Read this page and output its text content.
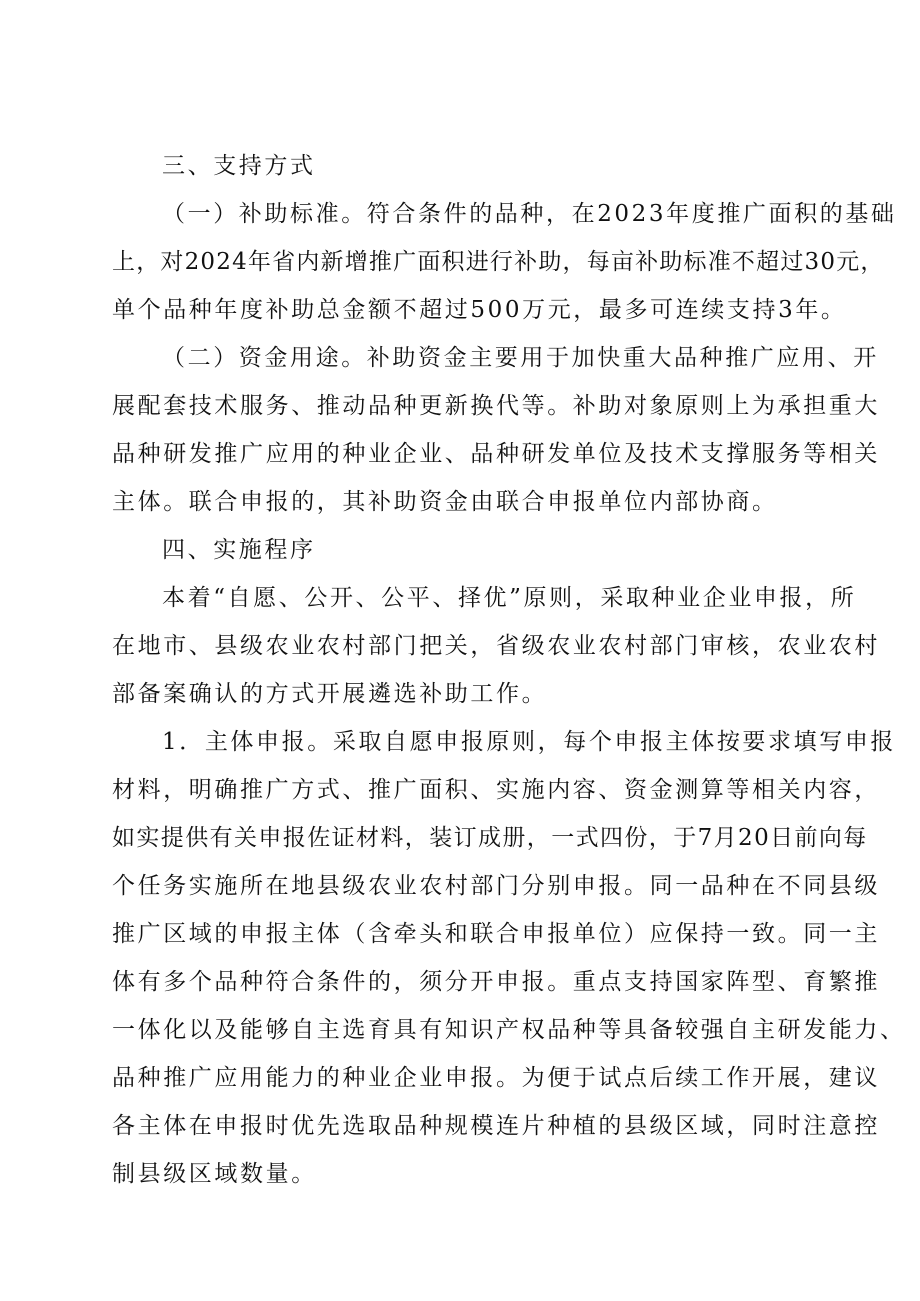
三、支持方式

（一）补助标准。符合条件的品种，在2023年度推广面积的基础

上，对2024年省内新增推广面积进行补助，每亩补助标准不超过30元，

单个品种年度补助总金额不超过500万元，最多可连续支持3年。

（二）资金用途。补助资金主要用于加快重大品种推广应用、开

展配套技术服务、推动品种更新换代等。补助对象原则上为承担重大

品种研发推广应用的种业企业、品种研发单位及技术支撑服务等相关

主体。联合申报的，其补助资金由联合申报单位内部协商。

四、实施程序

本着“自愿、公开、公平、择优”原则，采取种业企业申报，所

在地市、县级农业农村部门把关，省级农业农村部门审核，农业农村

部备案确认的方式开展遴选补助工作。

1．主体申报。采取自愿申报原则，每个申报主体按要求填写申报

材料，明确推广方式、推广面积、实施内容、资金测算等相关内容，

如实提供有关申报佐证材料，装订成册，一式四份，于7月20日前向每

个任务实施所在地县级农业农村部门分别申报。同一品种在不同县级

推广区域的申报主体（含牵头和联合申报单位）应保持一致。同一主

体有多个品种符合条件的，须分开申报。重点支持国家阵型、育繁推

一体化以及能够自主选育具有知识产权品种等具备较强自主研发能力、

品种推广应用能力的种业企业申报。为便于试点后续工作开展，建议

各主体在申报时优先选取品种规模连片种植的县级区域，同时注意控

制县级区域数量。
